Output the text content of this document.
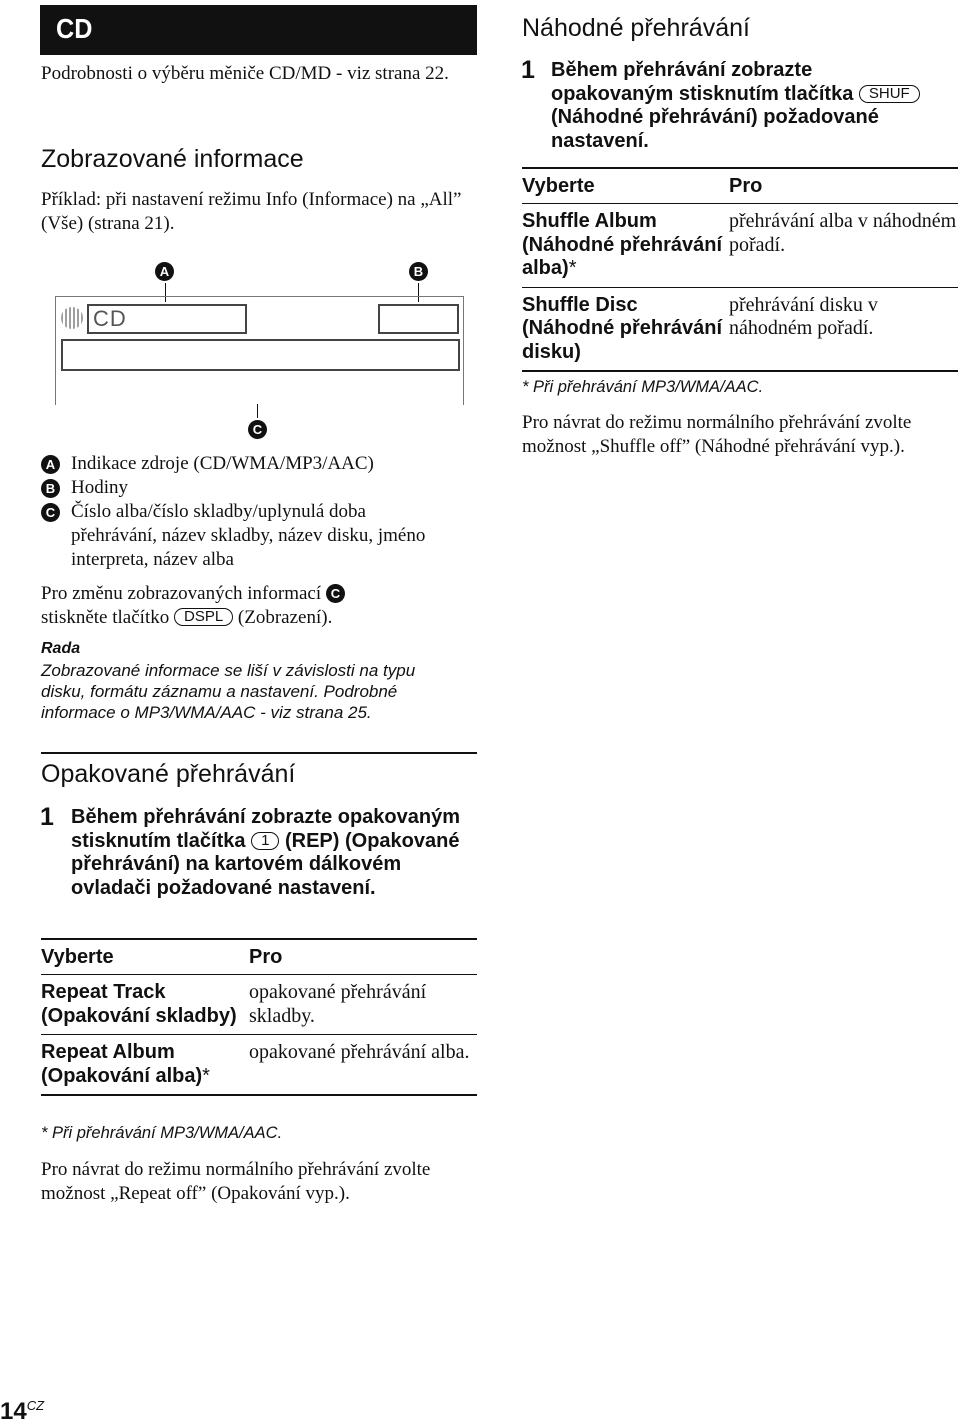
CD
Podrobnosti o výběru měniče CD/MD - viz strana 22.
Zobrazované informace
Příklad: při nastavení režimu Info (Informace) na „All” (Vše) (strana 21).
A	B
CD
C
A Indikace zdroje (CD/WMA/MP3/AAC)
B Hodiny
C Číslo alba/číslo skladby/uplynulá doba přehrávání, název skladby, název disku, jméno interpreta, název alba
Pro změnu zobrazovaných informací C
stiskněte tlačítko DSPL (Zobrazení).
Rada
Zobrazované informace se liší v závislosti na typu disku, formátu záznamu a nastavení. Podrobné informace o MP3/WMA/AAC - viz strana 25.
Opakované přehrávání
1 Během přehrávání zobrazte opakovaným stisknutím tlačítka 1 (REP) (Opakované přehrávání) na kartovém dálkovém ovladači požadované nastavení.
Vyberte	Pro
Repeat Track (Opakování skladby)	opakované přehrávání skladby.
Repeat Album (Opakování alba)*	opakované přehrávání alba.
* Při přehrávání MP3/WMA/AAC.
Pro návrat do režimu normálního přehrávání zvolte možnost „Repeat off” (Opakování vyp.).
Náhodné přehrávání
1 Během přehrávání zobrazte opakovaným stisknutím tlačítka SHUF (Náhodné přehrávání) požadované nastavení.
Vyberte	Pro
Shuffle Album (Náhodné přehrávání alba)*	přehrávání alba v náhodném pořadí.
Shuffle Disc (Náhodné přehrávání disku)	přehrávání disku v náhodném pořadí.
* Při přehrávání MP3/WMA/AAC.
Pro návrat do režimu normálního přehrávání zvolte možnost „Shuffle off” (Náhodné přehrávání vyp.).
$14^{CZ}$
